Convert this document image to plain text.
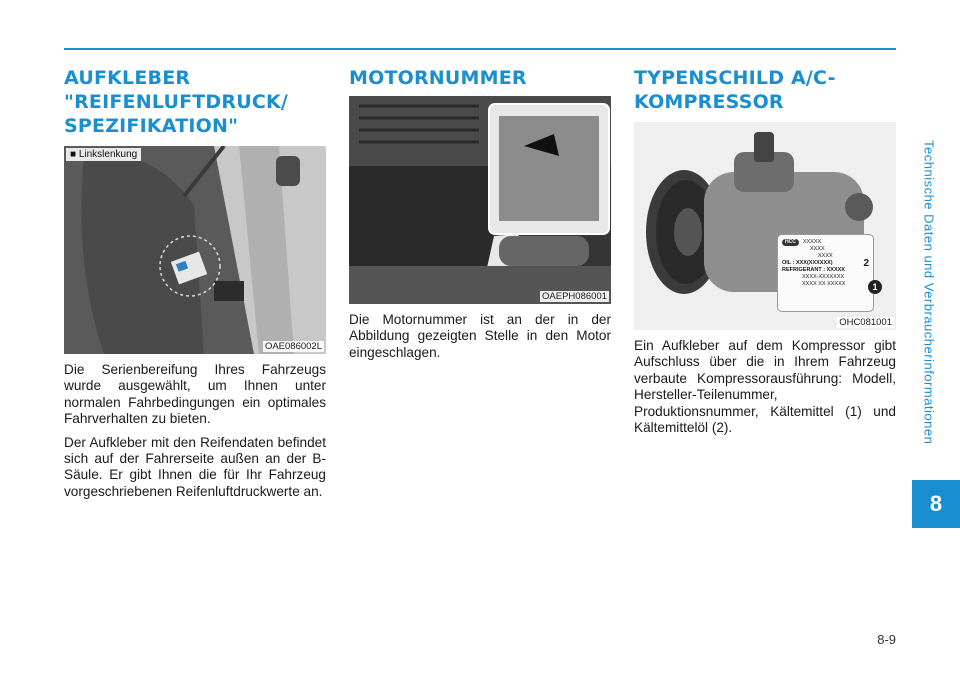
Technische Daten und Verbraucherinformationen
8
8-9
AUFKLEBER
"REIFENLUFTDRUCK/
SPEZIFIKATION"
■ Linkslenkung
OAE086002L

Die Serienbereifung Ihres Fahrzeugs wurde ausgewählt, um Ihnen unter normalen Fahrbedingungen ein optimales Fahrverhalten zu bieten.

Der Aufkleber mit den Reifendaten befindet sich auf der Fahrerseite außen an der B-Säule. Er gibt Ihnen die für Ihr Fahrzeug vorgeschriebenen Reifenluftdruckwerte an.

MOTORNUMMER
OAEPH086001

Die Motornummer ist an der in der Abbildung gezeigten Stelle in den Motor eingeschlagen.

TYPENSCHILD A/C-
KOMPRESSOR
HCC	XXXXX
XXXX
XXXX
OIL : XXX(XXXXXX)	2
REFRIGERANT : XXXXX
XXXX-XXXXXXX
XXXX XX XXXXX	1
OHC081001

Ein Aufkleber auf dem Kompressor gibt Aufschluss über die in Ihrem Fahrzeug verbaute Kompressorausführung: Modell, Hersteller-Teilenummer, Produktionsnummer, Kältemittel (1) und Kältemittelöl (2).
